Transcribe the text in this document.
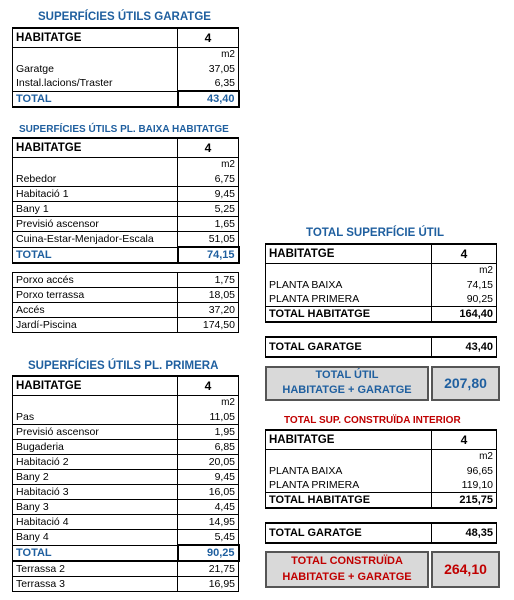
SUPERFÍCIES ÚTILS GARATGE
HABITATGE	4
	m2
Garatge	37,05
Instal.lacions/Traster	6,35
TOTAL	43,40
SUPERFÍCIES ÚTILS PL. BAIXA HABITATGE
HABITATGE	4
	m2
Rebedor	6,75
Habitació 1	9,45
Bany 1	5,25
Previsió ascensor	1,65
Cuina-Estar-Menjador-Escala	51,05
TOTAL	74,15
Porxo accés	1,75
Porxo terrassa	18,05
Accés	37,20
Jardí-Piscina	174,50
SUPERFÍCIES ÚTILS PL. PRIMERA
HABITATGE	4
	m2
Pas	11,05
Previsió ascensor	1,95
Bugaderia	6,85
Habitació 2	20,05
Bany 2	9,45
Habitació 3	16,05
Bany 3	4,45
Habitació 4	14,95
Bany 4	5,45
TOTAL	90,25
Terrassa 2	21,75
Terrassa 3	16,95
TOTAL SUPERFÍCIE ÚTIL
HABITATGE	4
	m2
PLANTA BAIXA	74,15
PLANTA PRIMERA	90,25
TOTAL HABITATGE	164,40
TOTAL GARATGE	43,40
TOTAL ÚTIL
HABITATGE + GARATGE	207,80
TOTAL SUP. CONSTRUÏDA INTERIOR
HABITATGE	4
	m2
PLANTA BAIXA	96,65
PLANTA PRIMERA	119,10
TOTAL HABITATGE	215,75
TOTAL GARATGE	48,35
TOTAL CONSTRUÏDA
HABITATGE + GARATGE	264,10
